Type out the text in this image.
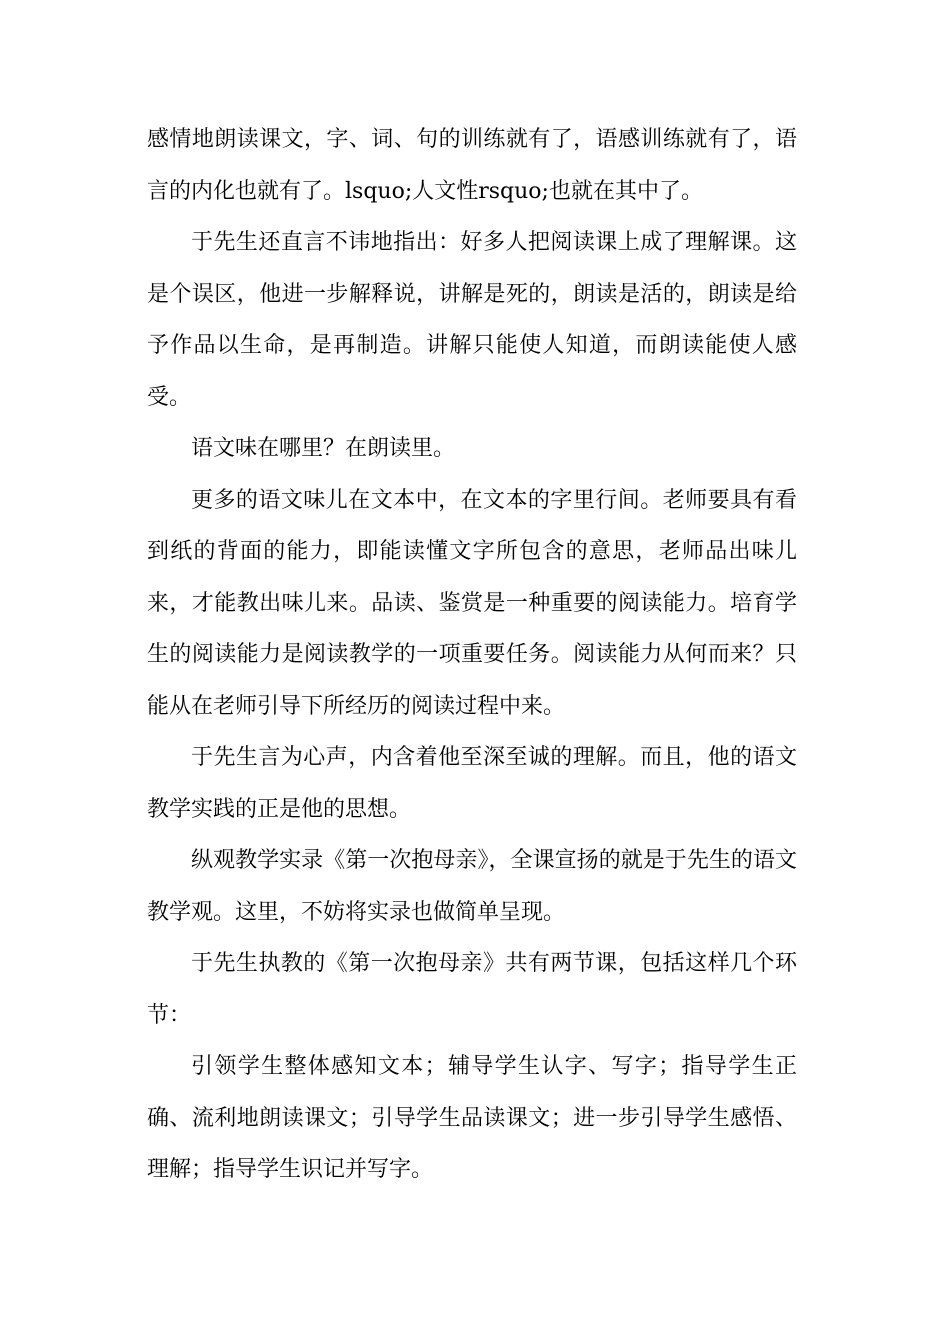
感情地朗读课文，字、词、句的训练就有了，语感训练就有了，语言的内化也就有了。lsquo;人文性rsquo;也就在其中了。

于先生还直言不讳地指出：好多人把阅读课上成了理解课。这是个误区，他进一步解释说，讲解是死的，朗读是活的，朗读是给予作品以生命，是再制造。讲解只能使人知道，而朗读能使人感受。

语文味在哪里？在朗读里。

更多的语文味儿在文本中，在文本的字里行间。老师要具有看到纸的背面的能力，即能读懂文字所包含的意思，老师品出味儿来，才能教出味儿来。品读、鉴赏是一种重要的阅读能力。培育学生的阅读能力是阅读教学的一项重要任务。阅读能力从何而来？只能从在老师引导下所经历的阅读过程中来。

于先生言为心声，内含着他至深至诚的理解。而且，他的语文教学实践的正是他的思想。

纵观教学实录《第一次抱母亲》，全课宣扬的就是于先生的语文教学观。这里，不妨将实录也做简单呈现。

于先生执教的《第一次抱母亲》共有两节课，包括这样几个环节：

引领学生整体感知文本；辅导学生认字、写字；指导学生正确、流利地朗读课文；引导学生品读课文；进一步引导学生感悟、理解；指导学生识记并写字。
